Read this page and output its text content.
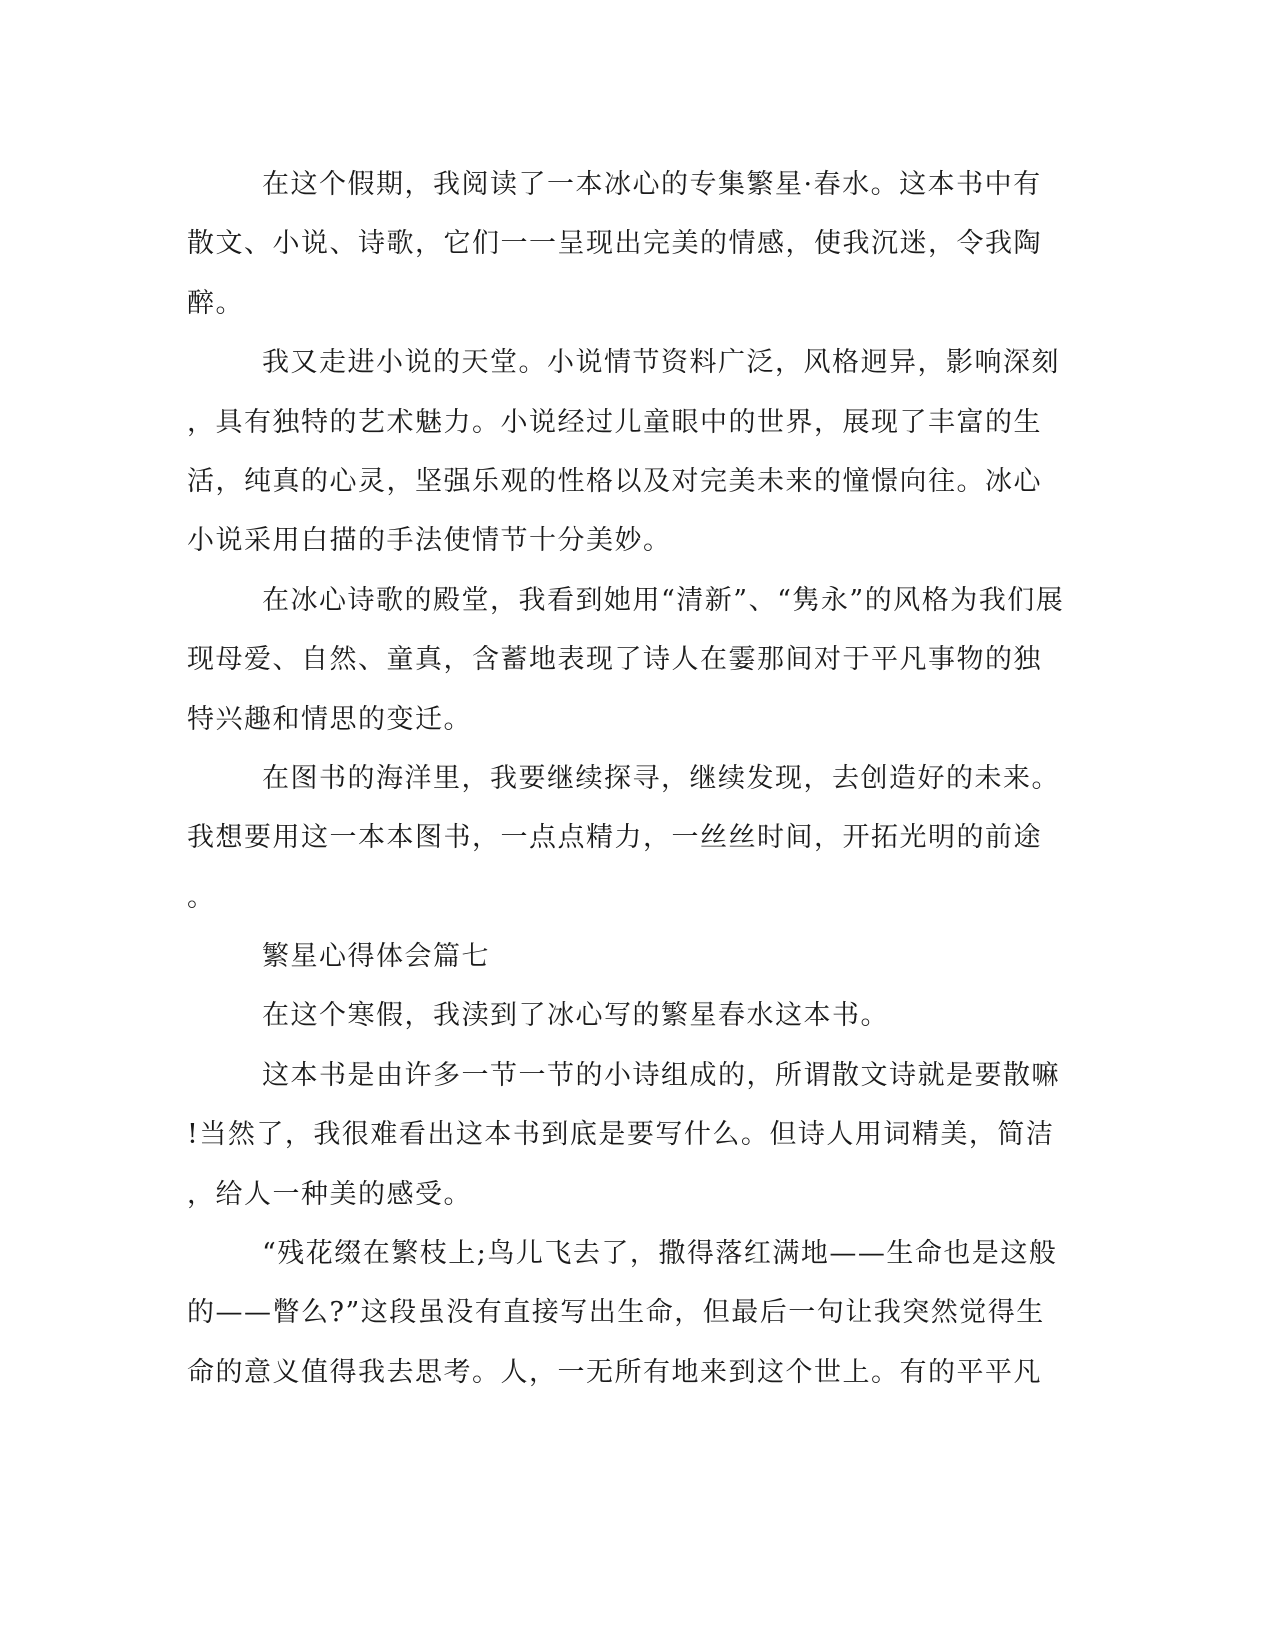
在这个假期，我阅读了一本冰心的专集繁星·春水。这本书中有
散文、小说、诗歌，它们一一呈现出完美的情感，使我沉迷，令我陶
醉。
我又走进小说的天堂。小说情节资料广泛，风格迥异，影响深刻
，具有独特的艺术魅力。小说经过儿童眼中的世界，展现了丰富的生
活，纯真的心灵，坚强乐观的性格以及对完美未来的憧憬向往。冰心
小说采用白描的手法使情节十分美妙。
在冰心诗歌的殿堂，我看到她用“清新”、“隽永”的风格为我们展
现母爱、自然、童真，含蓄地表现了诗人在霎那间对于平凡事物的独
特兴趣和情思的变迁。
在图书的海洋里，我要继续探寻，继续发现，去创造好的未来。
我想要用这一本本图书，一点点精力，一丝丝时间，开拓光明的前途
。
繁星心得体会篇七
在这个寒假，我渎到了冰心写的繁星春水这本书。
这本书是由许多一节一节的小诗组成的，所谓散文诗就是要散嘛
!当然了，我很难看出这本书到底是要写什么。但诗人用词精美，简洁
，给人一种美的感受。
“残花缀在繁枝上;鸟儿飞去了，撒得落红满地——生命也是这般
的——瞥么?”这段虽没有直接写出生命，但最后一句让我突然觉得生
命的意义值得我去思考。人，一无所有地来到这个世上。有的平平凡
